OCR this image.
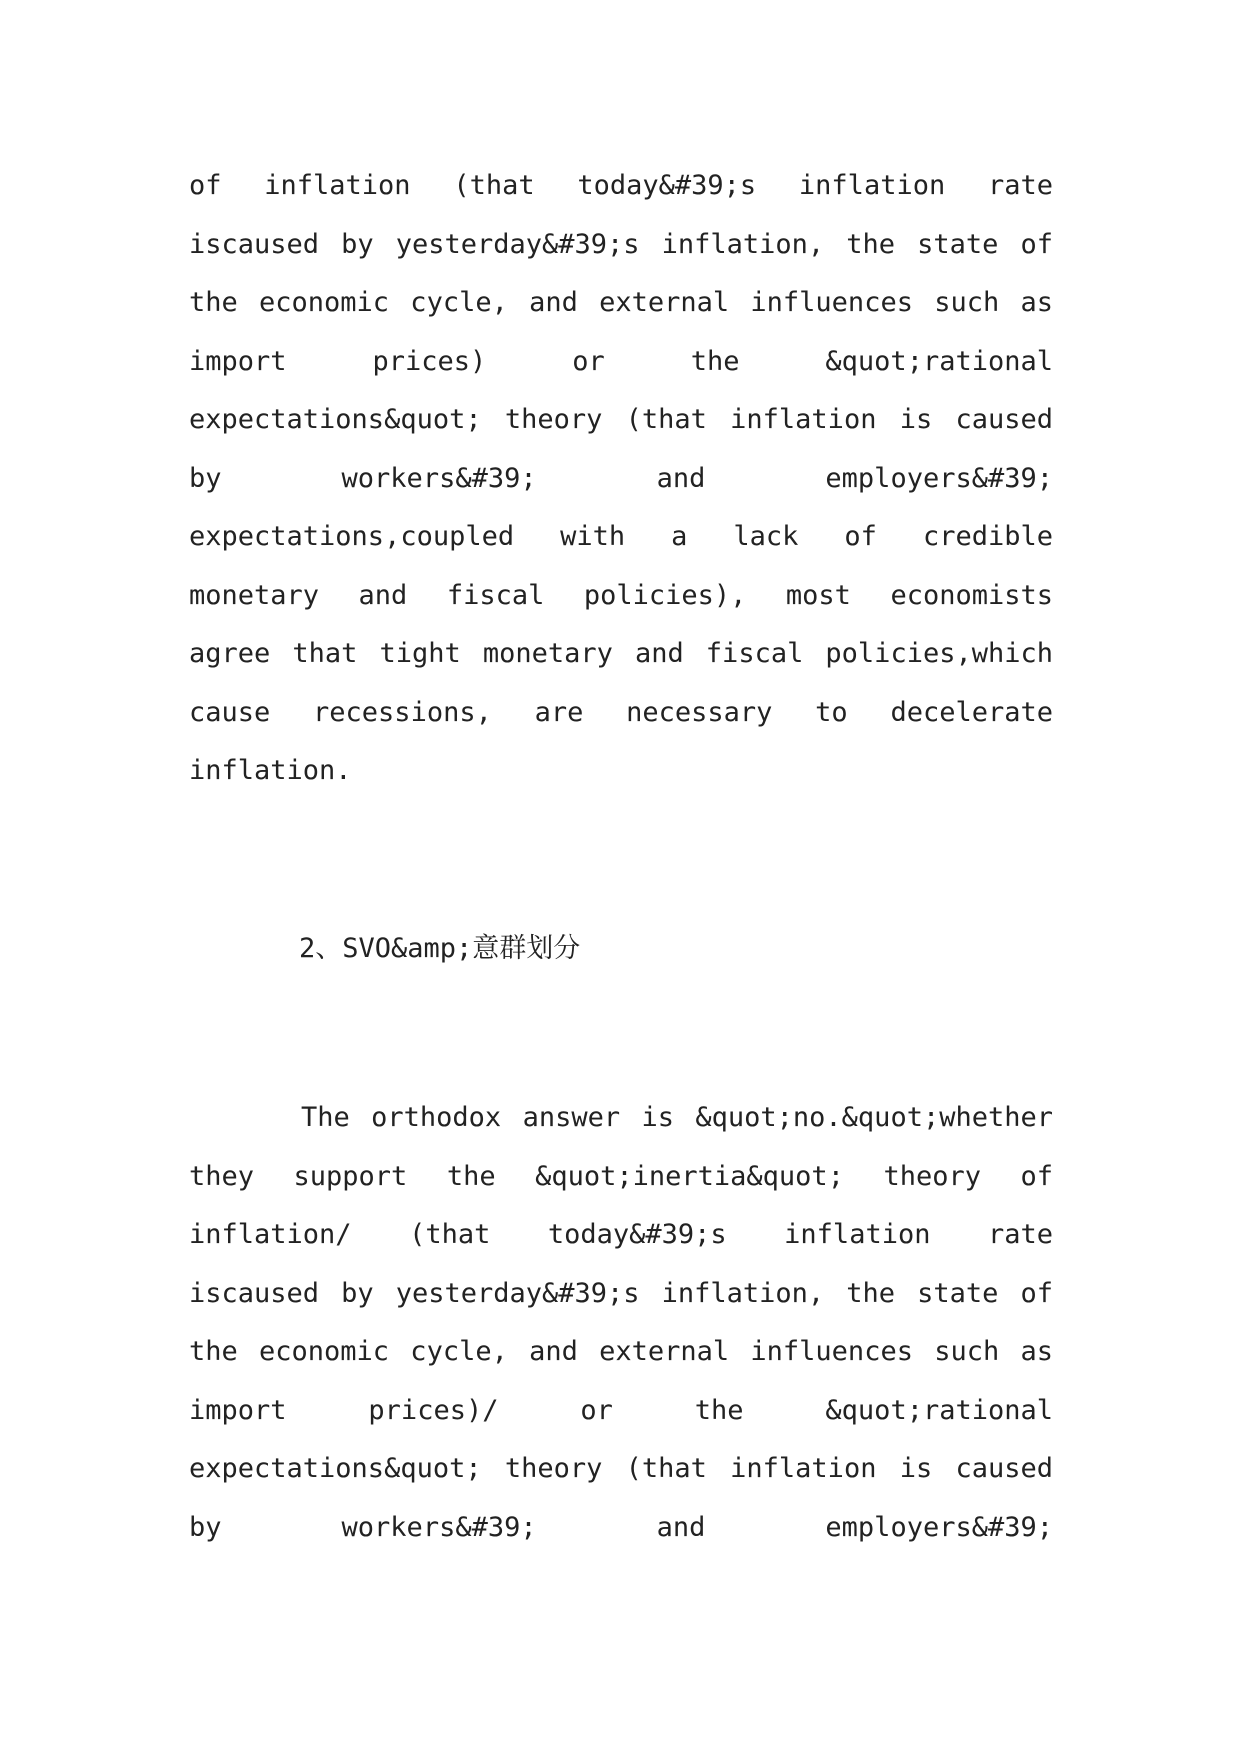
of inflation (that today&#39;s inflation rate
iscaused by yesterday&#39;s inflation, the state of
the economic cycle, and external influences such as
import prices) or the &quot;rational
expectations&quot; theory (that inflation is caused
by workers&#39; and employers&#39;
expectations,coupled with a lack of credible
monetary and fiscal policies), most economists
agree that tight monetary and fiscal policies,which
cause recessions, are necessary to decelerate
inflation.
2、SVO&amp;意群划分
The orthodox answer is &quot;no.&quot;whether
they support the &quot;inertia&quot; theory of
inflation/ (that today&#39;s inflation rate
iscaused by yesterday&#39;s inflation, the state of
the economic cycle, and external influences such as
import prices)/ or the &quot;rational
expectations&quot; theory (that inflation is caused
by workers&#39; and employers&#39;
